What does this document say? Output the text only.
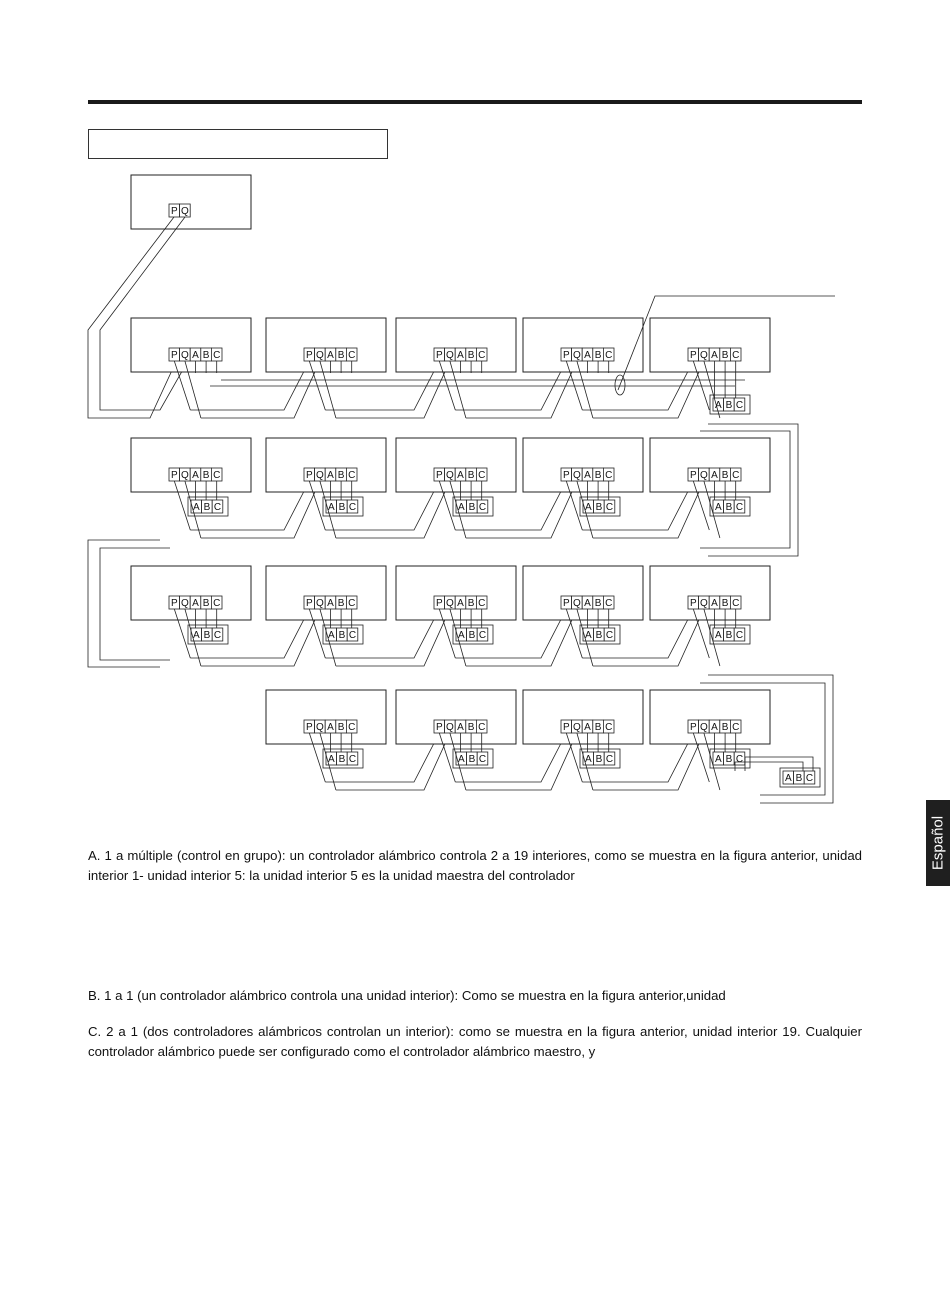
P Q
P Q A B C	P Q A B C	P Q A B C	P Q A B C	P Q A B C
A B C
P Q A B C
A B C
P Q A B C
A B C
P Q A B C
A B C
P Q A B C
A B C
P Q A B C
A B C
P Q A B C
A B C
P Q A B C
A B C
P Q A B C
A B C
P Q A B C
A B C
P Q A B C
A B C
P Q A B C
A B C
P Q A B C
A B C
P Q A B C
A B C
P Q A B C
A B C
A B C
Español

A. 1 a múltiple (control en grupo): un controlador alámbrico controla 2 a 19 interiores, como se muestra en la figura anterior, unidad interior 1- unidad interior 5: la unidad interior 5 es la unidad maestra del controlador

B. 1 a 1 (un controlador alámbrico controla una unidad interior): Como se muestra en la figura anterior,unidad

C. 2 a 1 (dos controladores alámbricos controlan un interior): como se muestra en la figura anterior, unidad interior 19. Cualquier controlador alámbrico puede ser configurado como el controlador alámbrico maestro, y
